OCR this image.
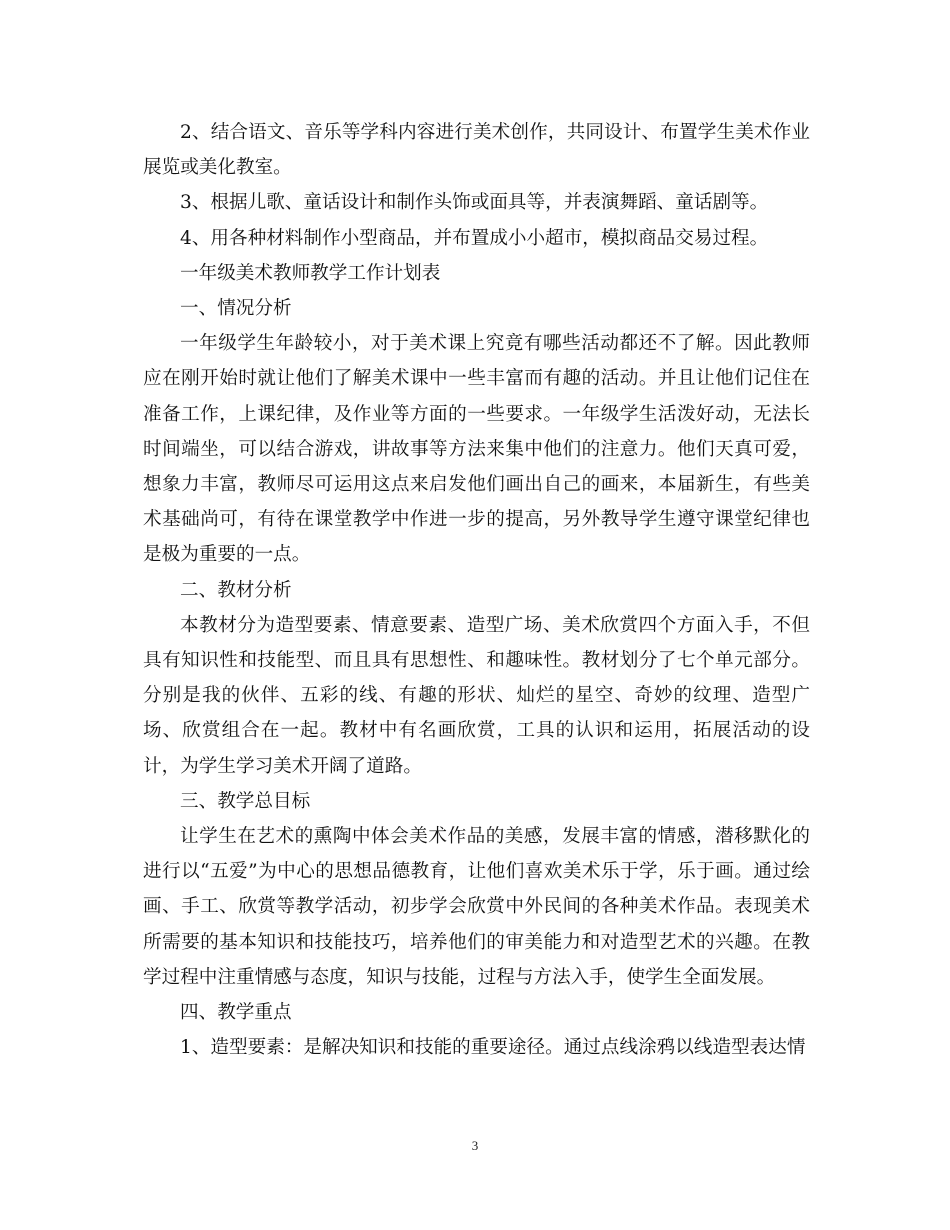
2、结合语文、音乐等学科内容进行美术创作，共同设计、布置学生美术作业展览或美化教室。

3、根据儿歌、童话设计和制作头饰或面具等，并表演舞蹈、童话剧等。

4、用各种材料制作小型商品，并布置成小小超市，模拟商品交易过程。

一年级美术教师教学工作计划表

一、情况分析

一年级学生年龄较小，对于美术课上究竟有哪些活动都还不了解。因此教师应在刚开始时就让他们了解美术课中一些丰富而有趣的活动。并且让他们记住在准备工作，上课纪律，及作业等方面的一些要求。一年级学生活泼好动，无法长时间端坐，可以结合游戏，讲故事等方法来集中他们的注意力。他们天真可爱，想象力丰富，教师尽可运用这点来启发他们画出自己的画来，本届新生，有些美术基础尚可，有待在课堂教学中作进一步的提高，另外教导学生遵守课堂纪律也是极为重要的一点。

二、教材分析

本教材分为造型要素、情意要素、造型广场、美术欣赏四个方面入手，不但具有知识性和技能型、而且具有思想性、和趣味性。教材划分了七个单元部分。分别是我的伙伴、五彩的线、有趣的形状、灿烂的星空、奇妙的纹理、造型广场、欣赏组合在一起。教材中有名画欣赏，工具的认识和运用，拓展活动的设计，为学生学习美术开阔了道路。

三、教学总目标

让学生在艺术的熏陶中体会美术作品的美感，发展丰富的情感，潜移默化的进行以“五爱”为中心的思想品德教育，让他们喜欢美术乐于学，乐于画。通过绘画、手工、欣赏等教学活动，初步学会欣赏中外民间的各种美术作品。表现美术所需要的基本知识和技能技巧，培养他们的审美能力和对造型艺术的兴趣。在教学过程中注重情感与态度，知识与技能，过程与方法入手，使学生全面发展。

四、教学重点

1、造型要素：是解决知识和技能的重要途径。通过点线涂鸦以线造型表达情

3
